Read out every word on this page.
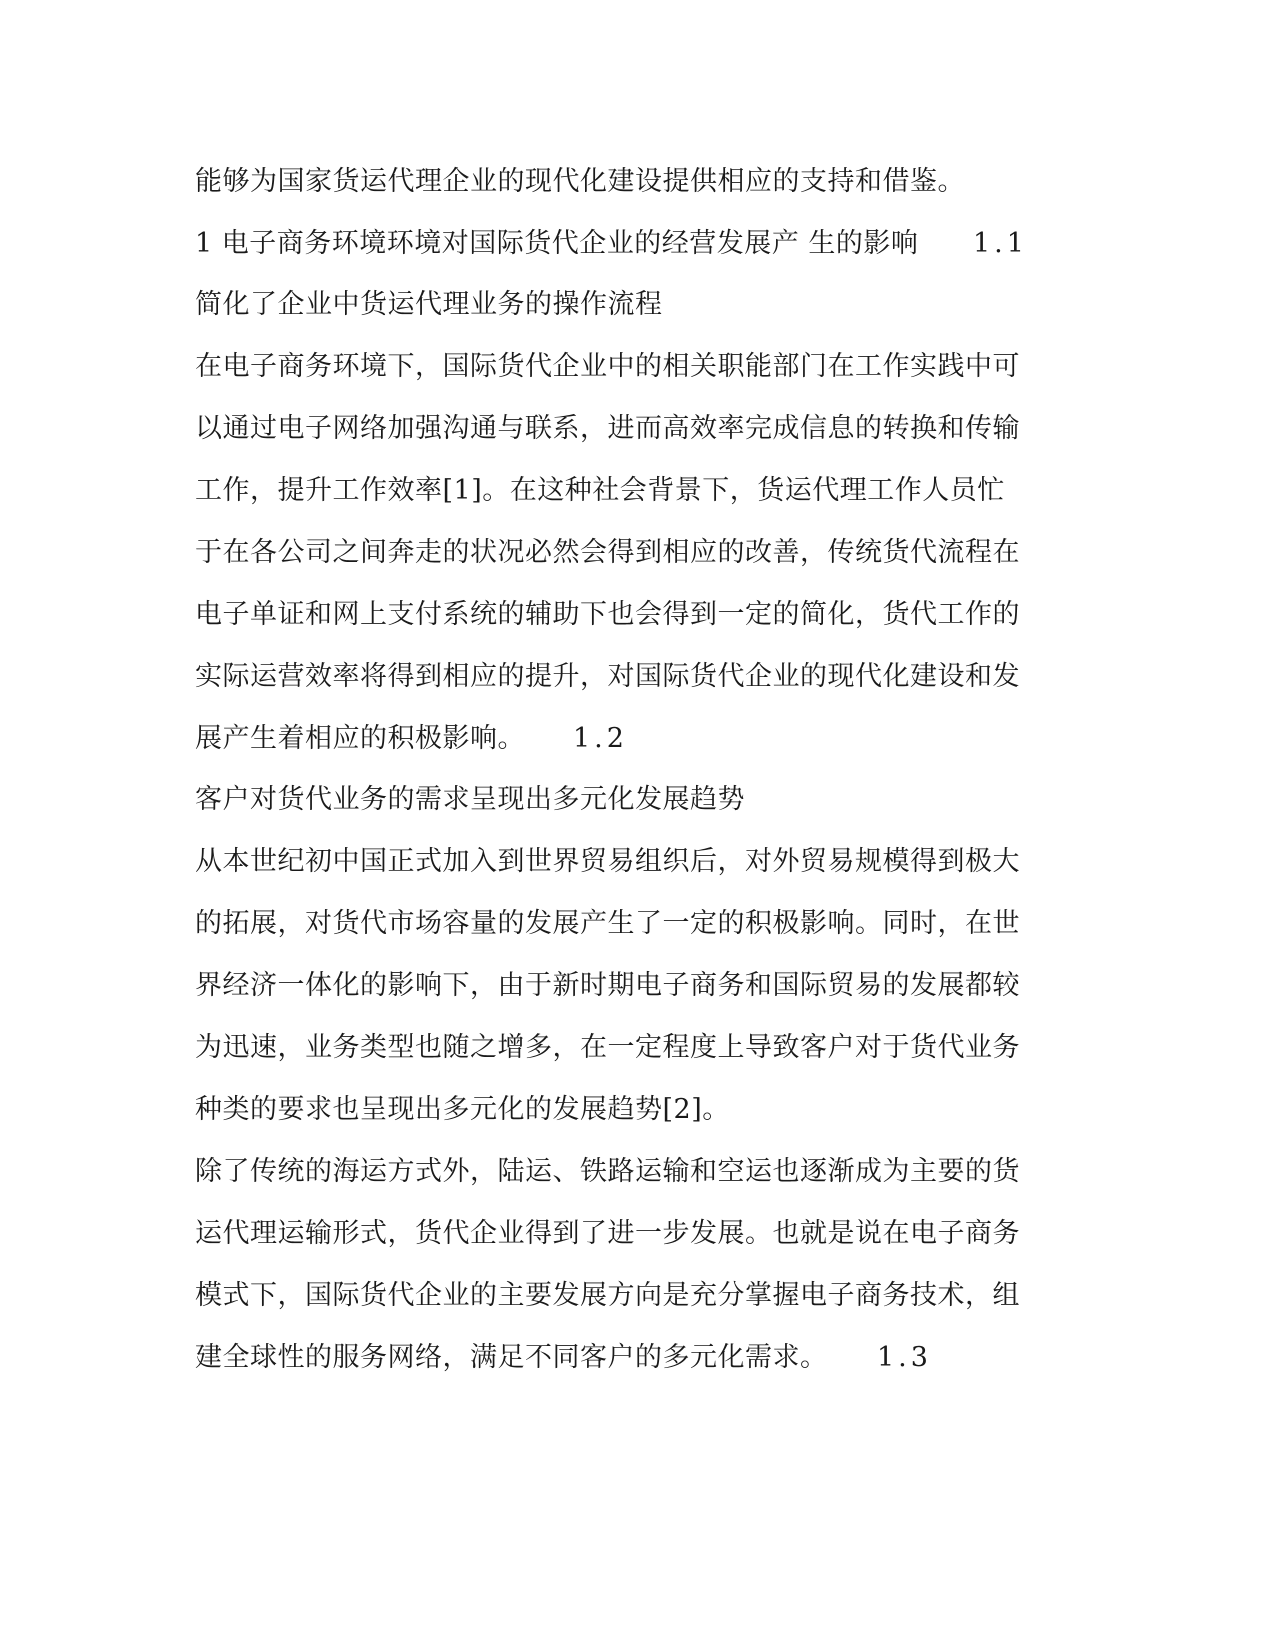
能够为国家货运代理企业的现代化建设提供相应的支持和借鉴。
1 电子商务环境环境对国际货代企业的经营发展产 生的影响 1.1
简化了企业中货运代理业务的操作流程
在电子商务环境下，国际货代企业中的相关职能部门在工作实践中可
以通过电子网络加强沟通与联系，进而高效率完成信息的转换和传输
工作，提升工作效率[1]。在这种社会背景下，货运代理工作人员忙
于在各公司之间奔走的状况必然会得到相应的改善，传统货代流程在
电子单证和网上支付系统的辅助下也会得到一定的简化，货代工作的
实际运营效率将得到相应的提升，对国际货代企业的现代化建设和发
展产生着相应的积极影响。 1.2
客户对货代业务的需求呈现出多元化发展趋势
从本世纪初中国正式加入到世界贸易组织后，对外贸易规模得到极大
的拓展，对货代市场容量的发展产生了一定的积极影响。同时，在世
界经济一体化的影响下，由于新时期电子商务和国际贸易的发展都较
为迅速，业务类型也随之增多，在一定程度上导致客户对于货代业务
种类的要求也呈现出多元化的发展趋势[2]。
除了传统的海运方式外，陆运、铁路运输和空运也逐渐成为主要的货
运代理运输形式，货代企业得到了进一步发展。也就是说在电子商务
模式下，国际货代企业的主要发展方向是充分掌握电子商务技术，组
建全球性的服务网络，满足不同客户的多元化需求。 1.3
